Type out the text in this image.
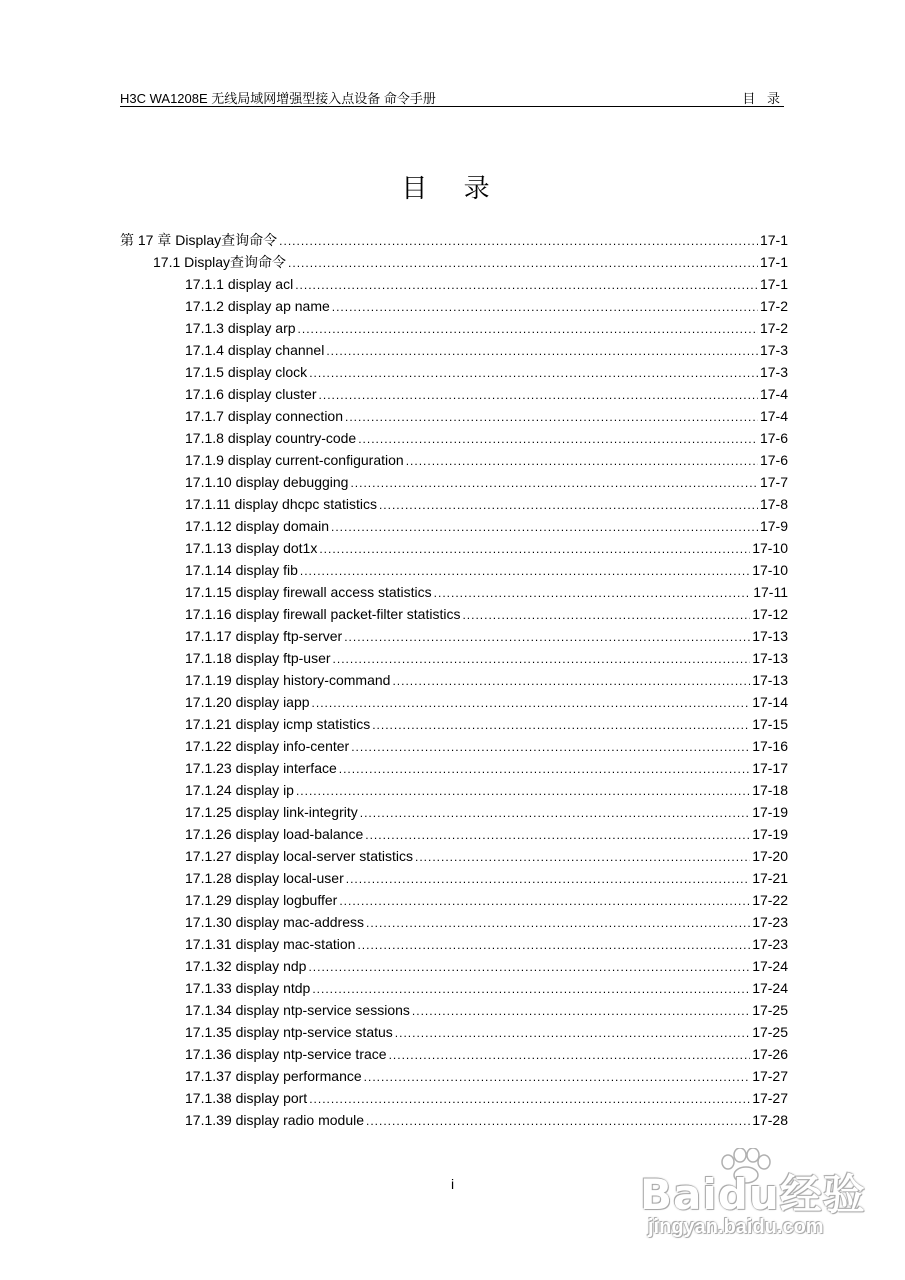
H3C WA1208E 无线局域网增强型接入点设备 命令手册	目 录
目 录
第 17 章 Display查询命令 .....	17-1
17.1 Display查询命令 .....	17-1
17.1.1 display acl .....	17-1
17.1.2 display ap name .....	17-2
17.1.3 display arp .....	17-2
17.1.4 display channel .....	17-3
17.1.5 display clock .....	17-3
17.1.6 display cluster .....	17-4
17.1.7 display connection .....	17-4
17.1.8 display country-code .....	17-6
17.1.9 display current-configuration .....	17-6
17.1.10 display debugging .....	17-7
17.1.11 display dhcpc statistics .....	17-8
17.1.12 display domain .....	17-9
17.1.13 display dot1x .....	17-10
17.1.14 display fib .....	17-10
17.1.15 display firewall access statistics .....	17-11
17.1.16 display firewall packet-filter statistics .....	17-12
17.1.17 display ftp-server .....	17-13
17.1.18 display ftp-user .....	17-13
17.1.19 display history-command .....	17-13
17.1.20 display iapp .....	17-14
17.1.21 display icmp statistics .....	17-15
17.1.22 display info-center .....	17-16
17.1.23 display interface .....	17-17
17.1.24 display ip .....	17-18
17.1.25 display link-integrity .....	17-19
17.1.26 display load-balance .....	17-19
17.1.27 display local-server statistics .....	17-20
17.1.28 display local-user .....	17-21
17.1.29 display logbuffer .....	17-22
17.1.30 display mac-address .....	17-23
17.1.31 display mac-station .....	17-23
17.1.32 display ndp .....	17-24
17.1.33 display ntdp .....	17-24
17.1.34 display ntp-service sessions .....	17-25
17.1.35 display ntp-service status .....	17-25
17.1.36 display ntp-service trace .....	17-26
17.1.37 display performance .....	17-27
17.1.38 display port .....	17-27
17.1.39 display radio module .....	17-28
i	Baidu经验
jingyan.baidu.com
